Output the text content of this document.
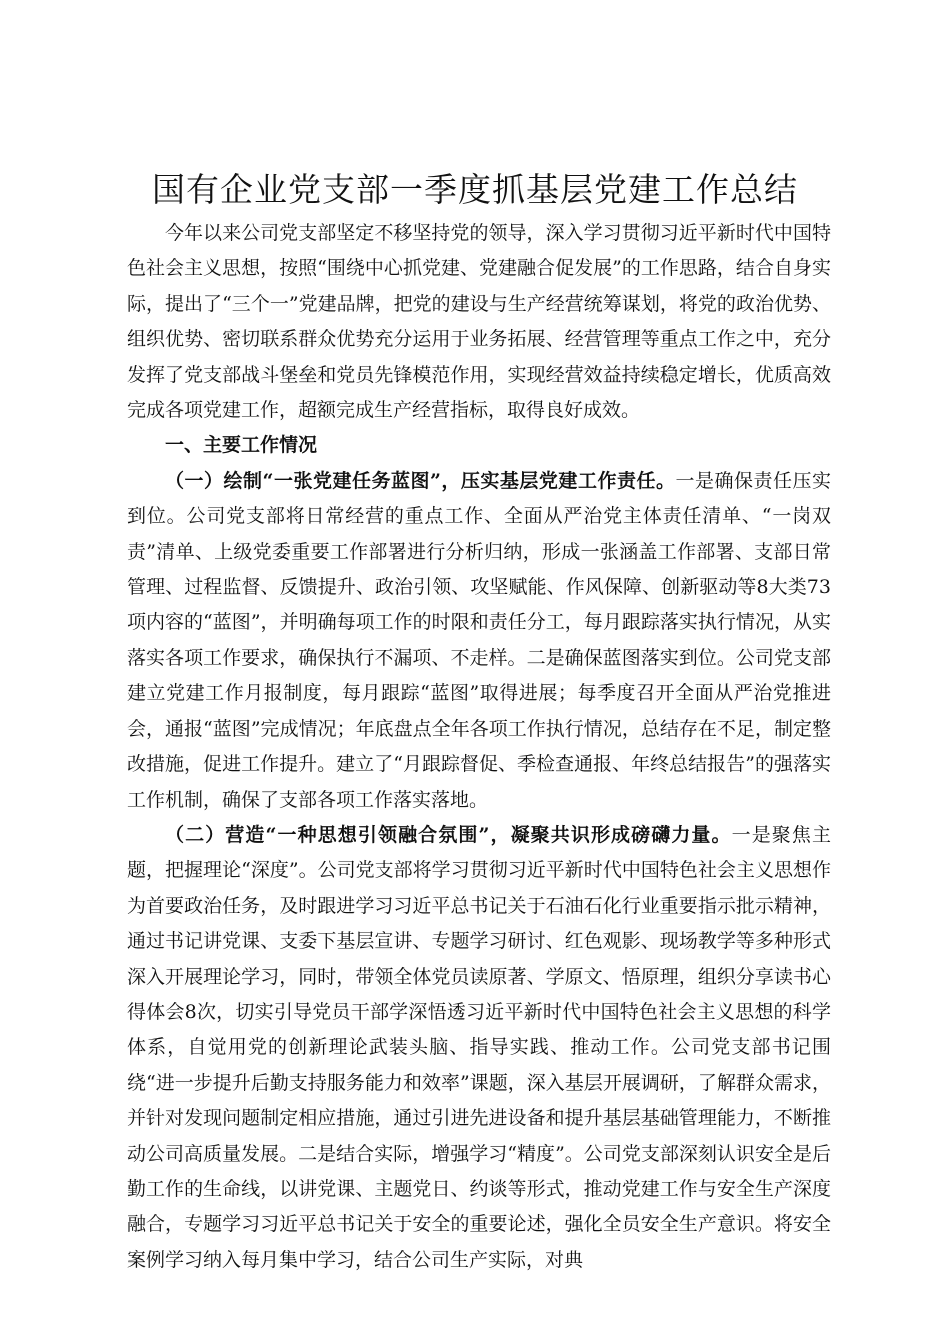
国有企业党支部一季度抓基层党建工作总结

今年以来公司党支部坚定不移坚持党的领导，深入学习贯彻习近平新时代中国特色社会主义思想，按照“围绕中心抓党建、党建融合促发展”的工作思路，结合自身实际，提出了“三个一”党建品牌，把党的建设与生产经营统筹谋划，将党的政治优势、组织优势、密切联系群众优势充分运用于业务拓展、经营管理等重点工作之中，充分发挥了党支部战斗堡垒和党员先锋模范作用，实现经营效益持续稳定增长，优质高效完成各项党建工作，超额完成生产经营指标，取得良好成效。

一、主要工作情况

（一）绘制“一张党建任务蓝图”，压实基层党建工作责任。一是确保责任压实到位。公司党支部将日常经营的重点工作、全面从严治党主体责任清单、“一岗双责”清单、上级党委重要工作部署进行分析归纳，形成一张涵盖工作部署、支部日常管理、过程监督、反馈提升、政治引领、攻坚赋能、作风保障、创新驱动等8大类73项内容的“蓝图”，并明确每项工作的时限和责任分工，每月跟踪落实执行情况，从实落实各项工作要求，确保执行不漏项、不走样。二是确保蓝图落实到位。公司党支部建立党建工作月报制度，每月跟踪“蓝图”取得进展；每季度召开全面从严治党推进会，通报“蓝图”完成情况；年底盘点全年各项工作执行情况，总结存在不足，制定整改措施，促进工作提升。建立了“月跟踪督促、季检查通报、年终总结报告”的强落实工作机制，确保了支部各项工作落实落地。

（二）营造“一种思想引领融合氛围”，凝聚共识形成磅礴力量。一是聚焦主题，把握理论“深度”。公司党支部将学习贯彻习近平新时代中国特色社会主义思想作为首要政治任务，及时跟进学习习近平总书记关于石油石化行业重要指示批示精神，通过书记讲党课、支委下基层宣讲、专题学习研讨、红色观影、现场教学等多种形式深入开展理论学习，同时，带领全体党员读原著、学原文、悟原理，组织分享读书心得体会8次，切实引导党员干部学深悟透习近平新时代中国特色社会主义思想的科学体系，自觉用党的创新理论武装头脑、指导实践、推动工作。公司党支部书记围绕“进一步提升后勤支持服务能力和效率”课题，深入基层开展调研，了解群众需求，并针对发现问题制定相应措施，通过引进先进设备和提升基层基础管理能力，不断推动公司高质量发展。二是结合实际，增强学习“精度”。公司党支部深刻认识安全是后勤工作的生命线，以讲党课、主题党日、约谈等形式，推动党建工作与安全生产深度融合，专题学习习近平总书记关于安全的重要论述，强化全员安全生产意识。将安全案例学习纳入每月集中学习，结合公司生产实际，对典
